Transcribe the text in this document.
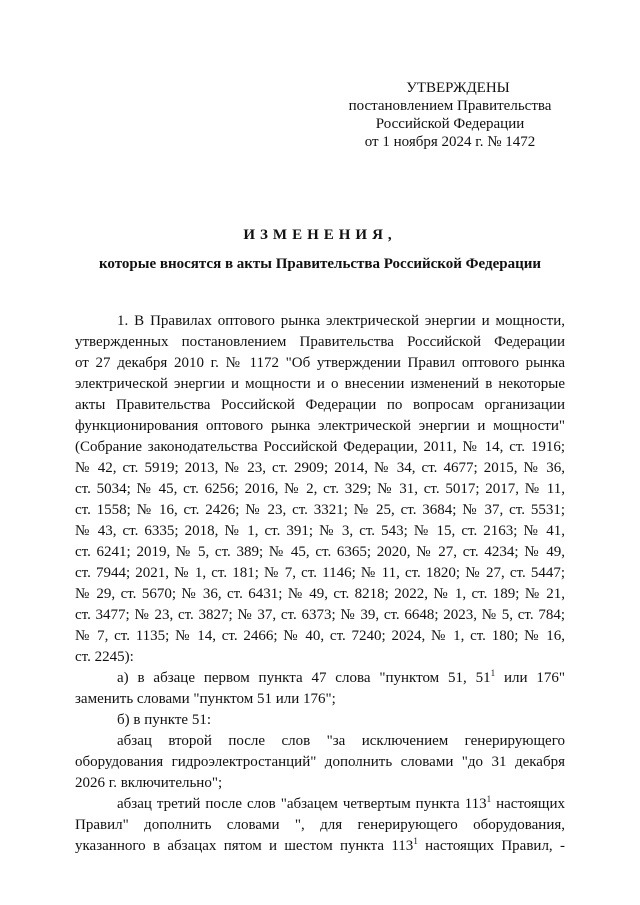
УТВЕРЖДЕНЫ
постановлением Правительства
Российской Федерации
от 1 ноября 2024 г. № 1472
ИЗМЕНЕНИЯ,
которые вносятся в акты Правительства Российской Федерации
1. В Правилах оптового рынка электрической энергии и мощности,
утвержденных постановлением Правительства Российской Федерации
от 27 декабря 2010 г. № 1172 "Об утверждении Правил оптового рынка
электрической энергии и мощности и о внесении изменений в некоторые
акты Правительства Российской Федерации по вопросам организации
функционирования оптового рынка электрической энергии и мощности"
(Собрание законодательства Российской Федерации, 2011, № 14, ст. 1916;
№ 42, ст. 5919; 2013, № 23, ст. 2909; 2014, № 34, ст. 4677; 2015, № 36,
ст. 5034; № 45, ст. 6256; 2016, № 2, ст. 329; № 31, ст. 5017; 2017, № 11,
ст. 1558; № 16, ст. 2426; № 23, ст. 3321; № 25, ст. 3684; № 37, ст. 5531;
№ 43, ст. 6335; 2018, № 1, ст. 391; № 3, ст. 543; № 15, ст. 2163; № 41,
ст. 6241; 2019, № 5, ст. 389; № 45, ст. 6365; 2020, № 27, ст. 4234; № 49,
ст. 7944; 2021, № 1, ст. 181; № 7, ст. 1146; № 11, ст. 1820; № 27, ст. 5447;
№ 29, ст. 5670; № 36, ст. 6431; № 49, ст. 8218; 2022, № 1, ст. 189; № 21,
ст. 3477; № 23, ст. 3827; № 37, ст. 6373; № 39, ст. 6648; 2023, № 5, ст. 784;
№ 7, ст. 1135; № 14, ст. 2466; № 40, ст. 7240; 2024, № 1, ст. 180; № 16,
ст. 2245):
а) в абзаце первом пункта 47 слова "пунктом 51, $51^1$ или 176"
заменить словами "пунктом 51 или 176";
б) в пункте 51:
абзац второй после слов "за исключением генерирующего
оборудования гидроэлектростанций" дополнить словами "до 31 декабря
2026 г. включительно";
абзац третий после слов "абзацем четвертым пункта $113^1$ настоящих
Правил" дополнить словами ", для генерирующего оборудования,
указанного в абзацах пятом и шестом пункта $113^1$ настоящих Правил, -
